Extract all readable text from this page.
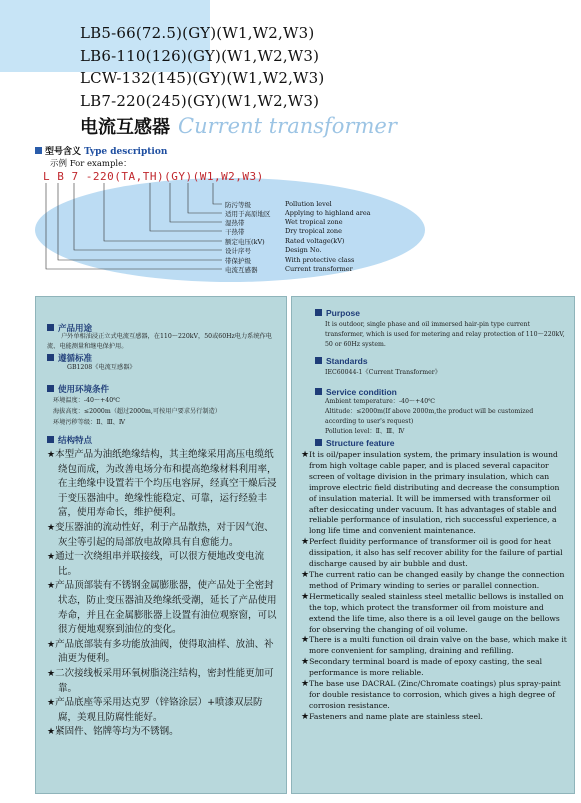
LB5-66(72.5)(GY)(W1,W2,W3)
LB6-110(126)(GY)(W1,W2,W3)
LCW-132(145)(GY)(W1,W2,W3)
LB7-220(245)(GY)(W1,W2,W3)
电流互感器 Current transformer
型号含义 Type description
示例 For example：
L B 7 -220(TA,TH)(GY)(W1,W2,W3)
防污等级	Pollution level
适用于高原地区 Applying to highland area
湿热带	Wet tropical zone
干热带	Dry tropical zone
额定电压(kV)	Rated voltage(kV)
设计序号	Design No.
带保护级	With protective class
电流互感器	Current transformer
产品用途
户外单相油浸正立式电流互感器，在110～220kV，50或60Hz电力系统作电流、电能测量和继电保护用。
遵循标准
GB1208《电流互感器》
使用环境条件
环境温度：-40～+40℃
海拔高度：≤2000m（超过2000m,可按用户要求另行制造）
环境污秽等级：Ⅱ、Ⅲ、Ⅳ
结构特点

★本型产品为油纸绝缘结构，其主绝缘采用高压电缆纸绕包而成，为改善电场分布和提高绝缘材料利用率，在主绝缘中设置若干个均压电容屏，经真空干燥后浸于变压器油中。绝缘性能稳定、可靠，运行经验丰富，使用寿命长，维护便利。

★变压器油的流动性好，利于产品散热，对于因气泡、灰尘等引起的局部放电故障具有自愈能力。

★通过一次绕组串并联接线，可以很方便地改变电流比。

★产品顶部装有不锈钢金属膨胀器，使产品处于全密封状态，防止变压器油及绝缘纸受潮，延长了产品使用寿命，并且在金属膨胀器上设置有油位观察窗，可以很方便地观察到油位的变化。

★产品底部装有多功能放油阀，使得取油样、放油、补油更为便利。

★二次接线板采用环氧树脂浇注结构，密封性能更加可靠。

★产品底座等采用达克罗（锌铬涂层）+喷漆双层防腐，美观且防腐性能好。

★紧固件、铭牌等均为不锈钢。

Purpose
It is outdoor, single phase and oil immersed hair-pin type current transformer, which is used for metering and relay protection of 110～220kV, 50 or 60Hz system.
Standards
IEC60044-1《Current Transformer》
Service condition
Ambient temperature：-40～+40℃
Altitude：≤2000m(If above 2000m,the product will be customized according to user's request)
Pollution level：Ⅱ、Ⅲ、Ⅳ
Structure feature

★It is oil/paper insulation system, the primary insulation is wound from high voltage cable paper, and is placed several capacitor screen of voltage division in the primary insulation, which can improve electric field distributing and decrease the consumption of insulation material. It will be immersed with transformer oil after desiccating under vacuum. It has advantages of stable and reliable performance of insulation, rich successful experience, a long life time and convenient maintenance.

★Perfect fluidity performance of transformer oil is good for heat dissipation, it also has self recover ability for the failure of partial discharge caused by air bubble and dust.

★The current ratio can be changed easily by change the connection method of Primary winding to series or parallel connection.

★Hermetically sealed stainless steel metallic bellows is installed on the top, which protect the transformer oil from moisture and extend the life time, also there is a oil level gauge on the bellows for observing the changing of oil volume.

★There is a multi function oil drain valve on the base, which make it more convenient for sampling, draining and refilling.

★Secondary terminal board is made of epoxy casting, the seal performance is more reliable.

★The base use DACRAL (Zinc/Chromate coatings) plus spray-paint for double resistance to corrosion, which gives a high degree of corrosion resistance.

★Fasteners and name plate are stainless steel.
